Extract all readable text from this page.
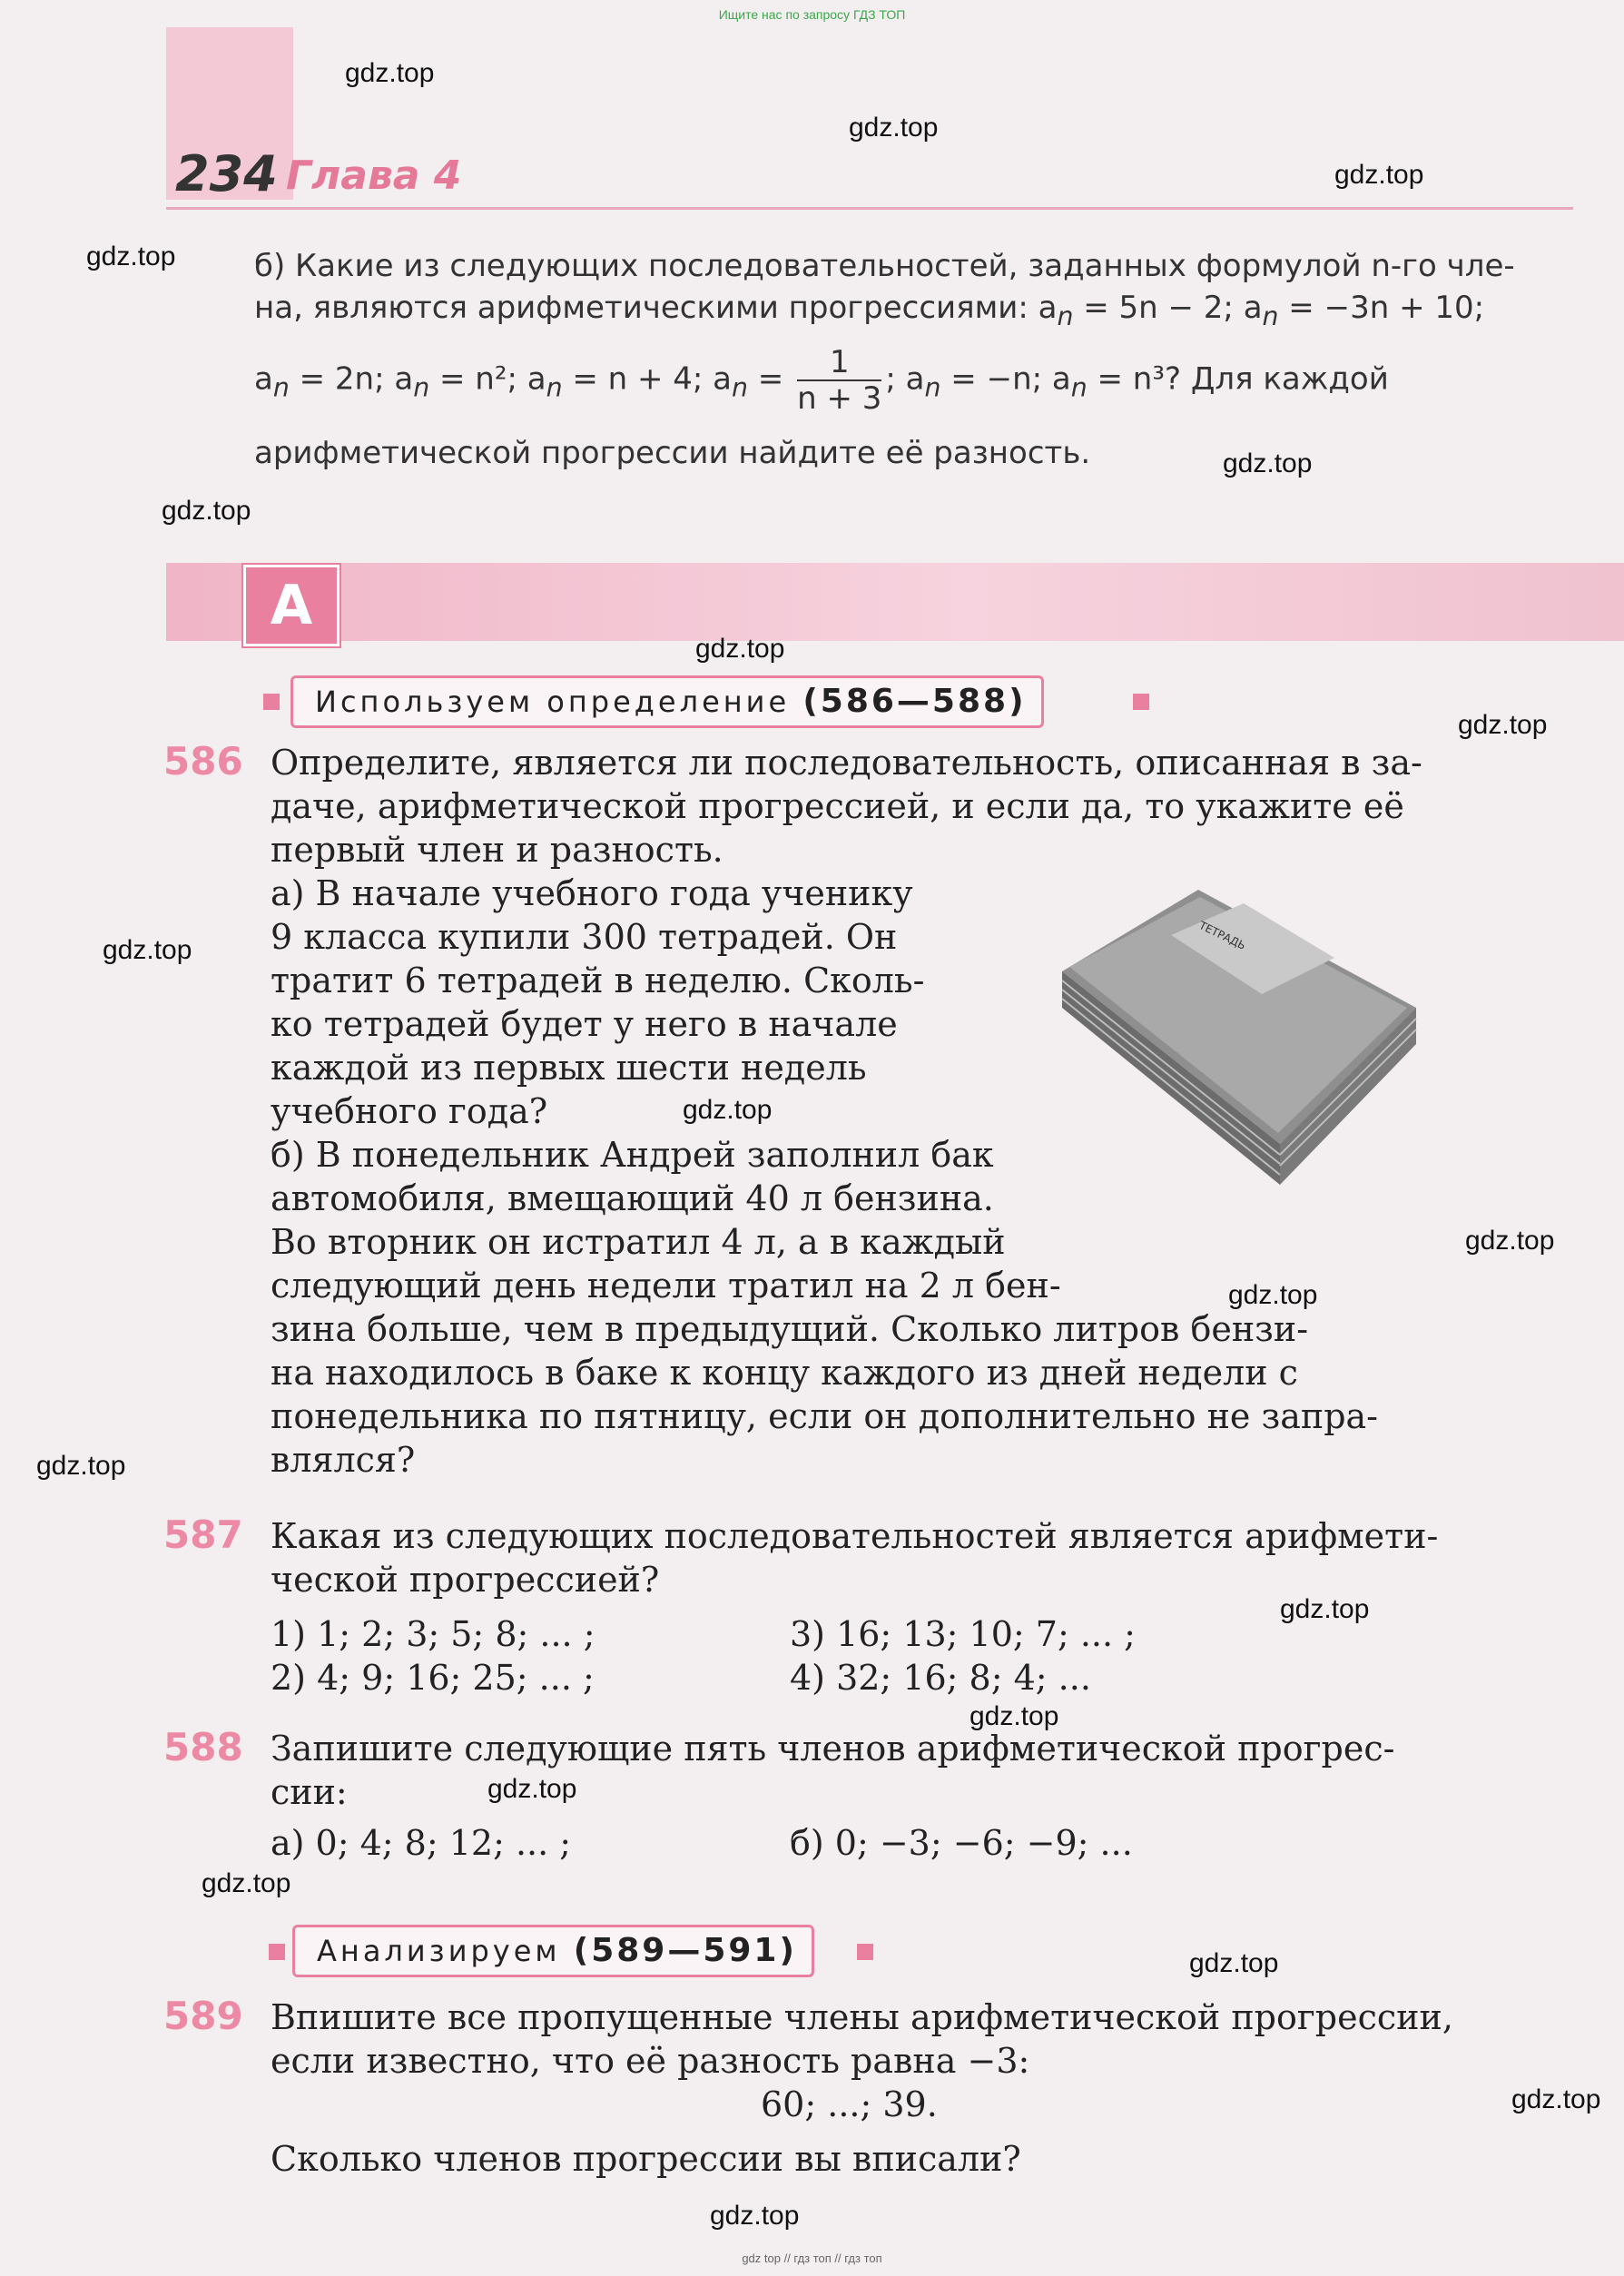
Ищите нас по запросу ГДЗ ТОП
gdz top // гдз топ // гдз топ
234 Глава 4
б) Какие из следующих последовательностей, заданных формулой n-го чле-
на, являются арифметическими прогрессиями: $a_n = 5n - 2$; $a_n = -3n + 10$;
$a_n = 2n$; $a_n = n^2$; $a_n = n + 4$; $a_n = \frac{1}{n + 3}$ ; $a_n = -n$; $a_n = n^3$? Для каждой
арифметической прогрессии найдите её разность.
А
Используем определение (586—588)
586 Определите, является ли последовательность, описанная в за-
даче, арифметической прогрессией, и если да, то укажите её
первый член и разность.
а) В начале учебного года ученику
9 класса купили 300 тетрадей. Он
тратит 6 тетрадей в неделю. Сколь-
ко тетрадей будет у него в начале
каждой из первых шести недель
учебного года?
б) В понедельник Андрей заполнил бак
автомобиля, вмещающий 40 л бензина.
Во вторник он истратил 4 л, а в каждый
следующий день недели тратил на 2 л бен-
зина больше, чем в предыдущий. Сколько литров бензи-
на находилось в баке к концу каждого из дней недели с
понедельника по пятницу, если он дополнительно не запра-
влялся?
ТЕТРАДЬ
587 Какая из следующих последовательностей является арифмети-
ческой прогрессией?
1) 1; 2; 3; 5; 8; ... ;	3) 16; 13; 10; 7; ... ;
2) 4; 9; 16; 25; ... ;	4) 32; 16; 8; 4; ...
588 Запишите следующие пять членов арифметической прогрес-
сии:
а) 0; 4; 8; 12; ... ;	б) 0; −3; −6; −9; ...
Анализируем (589—591)
589 Впишите все пропущенные члены арифметической прогрессии,
если известно, что её разность равна −3:
60; ...; 39.
Сколько членов прогрессии вы вписали?
gdz.top
gdz.top
gdz.top
gdz.top
gdz.top
gdz.top
gdz.top
gdz.top
gdz.top
gdz.top
gdz.top
gdz.top
gdz.top
gdz.top
gdz.top
gdz.top
gdz.top
gdz.top
gdz.top
gdz.top
